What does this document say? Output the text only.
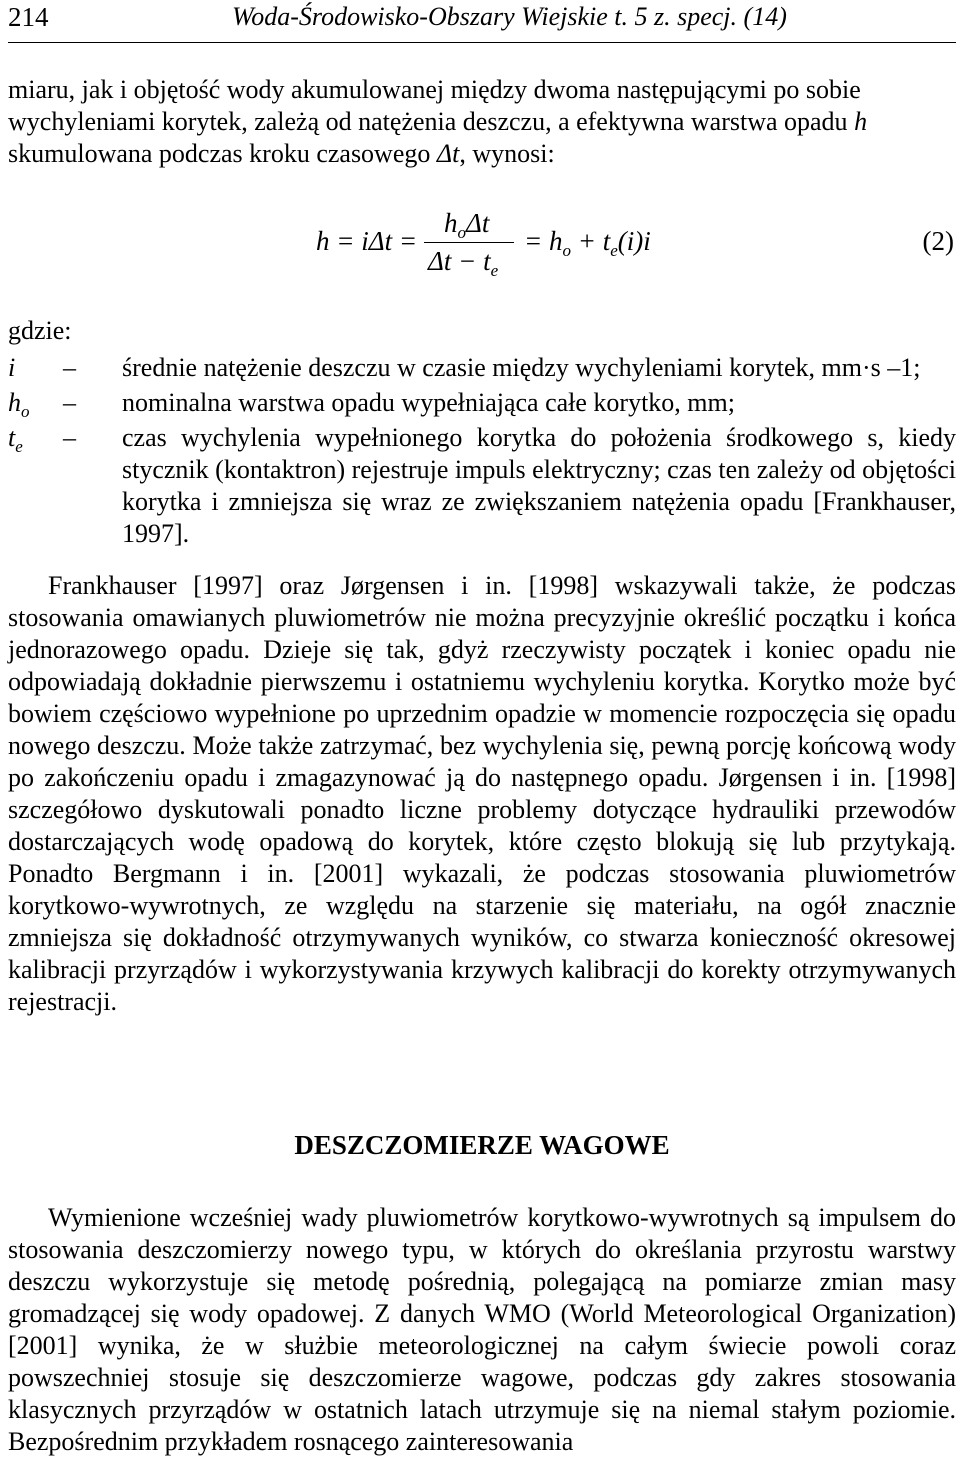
214	Woda-Środowisko-Obszary Wiejskie t. 5 z. specj. (14)

miaru, jak i objętość wody akumulowanej między dwoma następującymi po sobie
wychyleniami korytek, zależą od natężenia deszczu, a efektywna warstwa opadu h
skumulowana podczas kroku czasowego Δt, wynosi:

h = iΔt =
$h_o\Delta t$
$\Delta t - t_e$
= $h_o + t_e(i)i$	(2)
gdzie:
i – średnie natężenie deszczu w czasie między wychyleniami korytek, mm·s –1;
$h_o$ – nominalna warstwa opadu wypełniająca całe korytko, mm;
$t_e$ – czas wychylenia wypełnionego korytka do położenia środkowego s, kiedy stycznik (kontaktron) rejestruje impuls elektryczny; czas ten zależy od objętości korytka i zmniejsza się wraz ze zwiększaniem natężenia opadu [Frankhauser, 1997].

Frankhauser [1997] oraz Jørgensen i in. [1998] wskazywali także, że podczas stosowania omawianych pluwiometrów nie można precyzyjnie określić początku i końca jednorazowego opadu. Dzieje się tak, gdyż rzeczywisty początek i koniec opadu nie odpowiadają dokładnie pierwszemu i ostatniemu wychyleniu korytka. Korytko może być bowiem częściowo wypełnione po uprzednim opadzie w momencie rozpoczęcia się opadu nowego deszczu. Może także zatrzymać, bez wychylenia się, pewną porcję końcową wody po zakończeniu opadu i zmagazynować ją do następnego opadu. Jørgensen i in. [1998] szczegółowo dyskutowali ponadto liczne problemy dotyczące hydrauliki przewodów dostarczających wodę opadową do korytek, które często blokują się lub przytykają. Ponadto Bergmann i in. [2001] wykazali, że podczas stosowania pluwiometrów korytkowo-wywrotnych, ze względu na starzenie się materiału, na ogół znacznie zmniejsza się dokładność otrzymywanych wyników, co stwarza konieczność okresowej kalibracji przyrządów i wykorzystywania krzywych kalibracji do korekty otrzymywanych rejestracji.

DESZCZOMIERZE WAGOWE

Wymienione wcześniej wady pluwiometrów korytkowo-wywrotnych są impulsem do stosowania deszczomierzy nowego typu, w których do określania przyrostu warstwy deszczu wykorzystuje się metodę pośrednią, polegającą na pomiarze zmian masy gromadzącej się wody opadowej. Z danych WMO (World Meteorological Organization) [2001] wynika, że w służbie meteorologicznej na całym świecie powoli coraz powszechniej stosuje się deszczomierze wagowe, podczas gdy zakres stosowania klasycznych przyrządów w ostatnich latach utrzymuje się na niemal stałym poziomie. Bezpośrednim przykładem rosnącego zainteresowania
